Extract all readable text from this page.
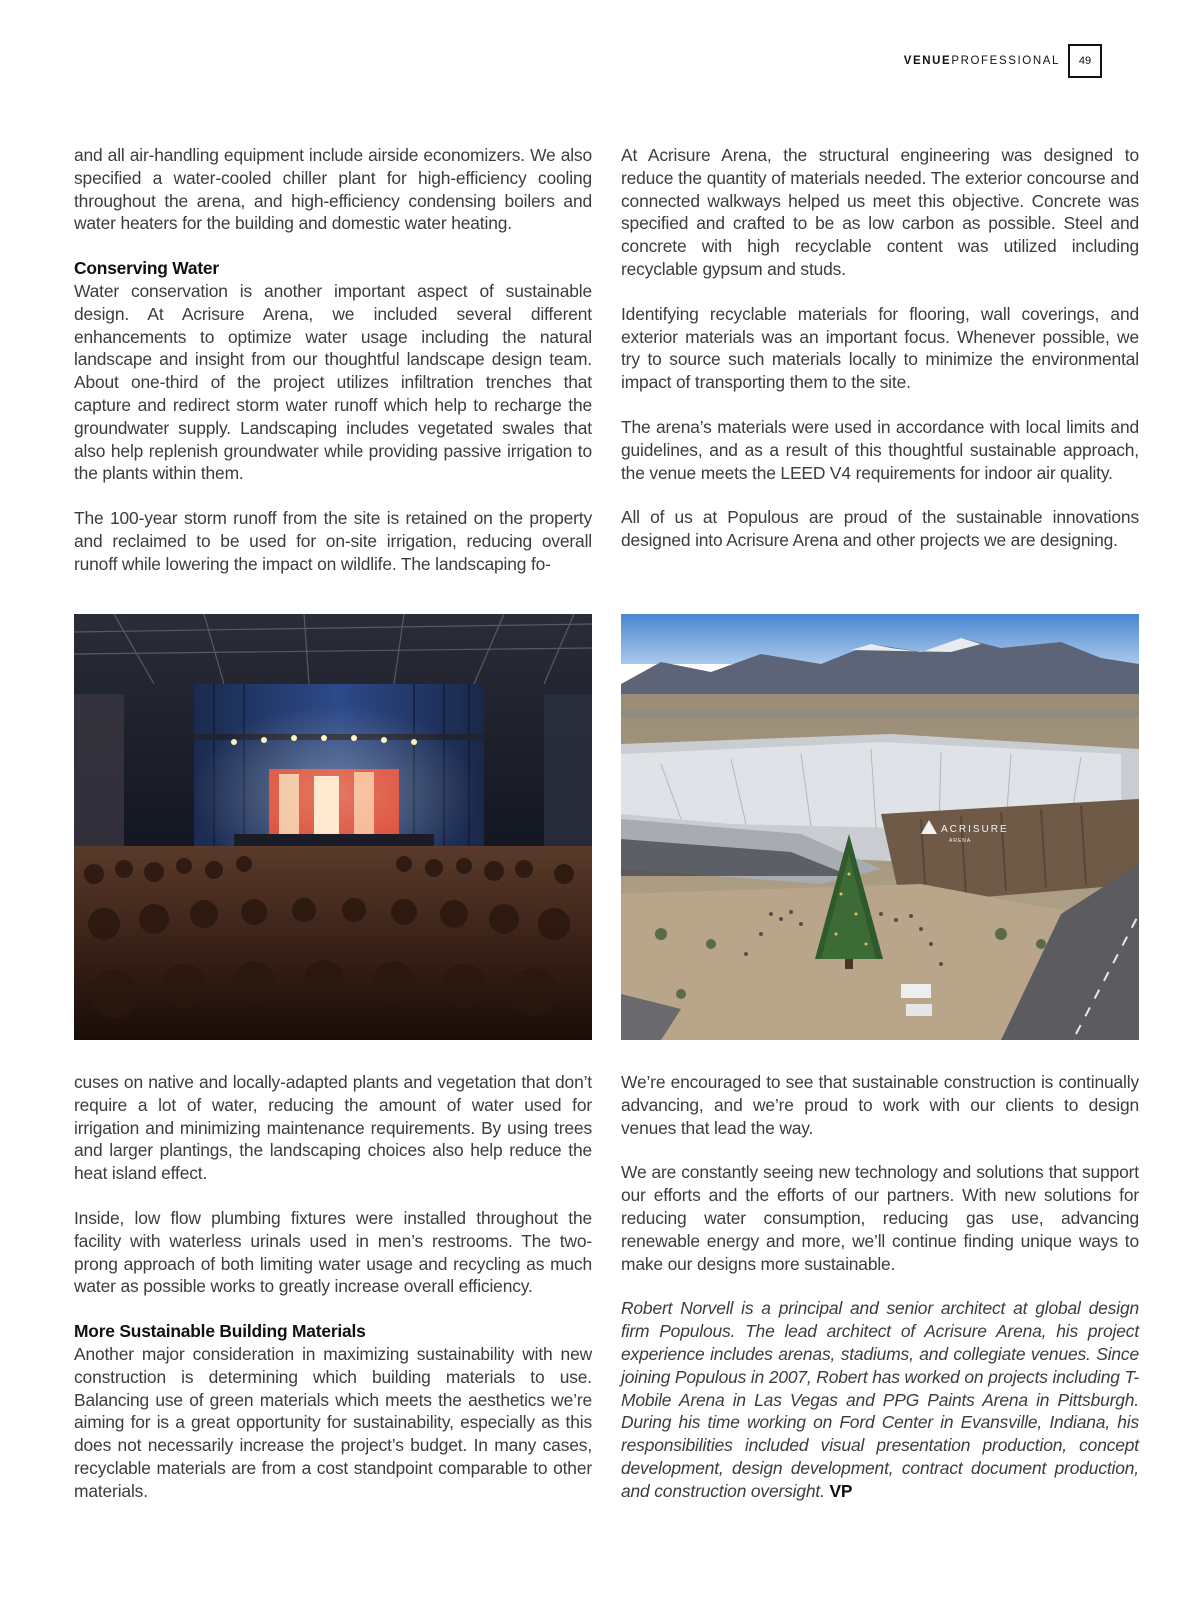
VENUEPROFESSIONAL	49

and all air-handling equipment include airside economizers. We also specified a water-cooled chiller plant for high-efficiency cooling throughout the arena, and high-efficiency condensing boilers and water heaters for the building and domestic water heating.

Conserving Water

Water conservation is another important aspect of sustainable design. At Acrisure Arena, we included several different enhancements to optimize water usage including the natural landscape and insight from our thoughtful landscape design team. About one-third of the project utilizes infiltration trenches that capture and redirect storm water runoff which help to recharge the groundwater supply. Landscaping includes vegetated swales that also help replenish groundwater while providing passive irrigation to the plants within them.

The 100-year storm runoff from the site is retained on the property and reclaimed to be used for on-site irrigation, reducing overall runoff while lowering the impact on wildlife. The landscaping fo-

At Acrisure Arena, the structural engineering was designed to reduce the quantity of materials needed. The exterior concourse and connected walkways helped us meet this objective. Concrete was specified and crafted to be as low carbon as possible. Steel and concrete with high recyclable content was utilized including recyclable gypsum and studs.

Identifying recyclable materials for flooring, wall coverings, and exterior materials was an important focus. Whenever possible, we try to source such materials locally to minimize the environmental impact of transporting them to the site.

The arena’s materials were used in accordance with local limits and guidelines, and as a result of this thoughtful sustainable approach, the venue meets the LEED V4 requirements for indoor air quality.

All of us at Populous are proud of the sustainable innovations designed into Acrisure Arena and other projects we are designing.

ACRISURE
ARENA

cuses on native and locally-adapted plants and vegetation that don’t require a lot of water, reducing the amount of water used for irrigation and minimizing maintenance requirements. By using trees and larger plantings, the landscaping choices also help reduce the heat island effect.

Inside, low flow plumbing fixtures were installed throughout the facility with waterless urinals used in men’s restrooms. The two-prong approach of both limiting water usage and recycling as much water as possible works to greatly increase overall efficiency.

More Sustainable Building Materials

Another major consideration in maximizing sustainability with new construction is determining which building materials to use. Balancing use of green materials which meets the aesthetics we’re aiming for is a great opportunity for sustainability, especially as this does not necessarily increase the project’s budget. In many cases, recyclable materials are from a cost standpoint comparable to other materials.

We’re encouraged to see that sustainable construction is continually advancing, and we’re proud to work with our clients to design venues that lead the way.

We are constantly seeing new technology and solutions that support our efforts and the efforts of our partners. With new solutions for reducing water consumption, reducing gas use, advancing renewable energy and more, we’ll continue finding unique ways to make our designs more sustainable.

Robert Norvell is a principal and senior architect at global design firm Populous. The lead architect of Acrisure Arena, his project experience includes arenas, stadiums, and collegiate venues. Since joining Populous in 2007, Robert has worked on projects including T-Mobile Arena in Las Vegas and PPG Paints Arena in Pittsburgh. During his time working on Ford Center in Evansville, Indiana, his responsibilities included visual presentation production, concept development, design development, contract document production, and construction oversight. VP
